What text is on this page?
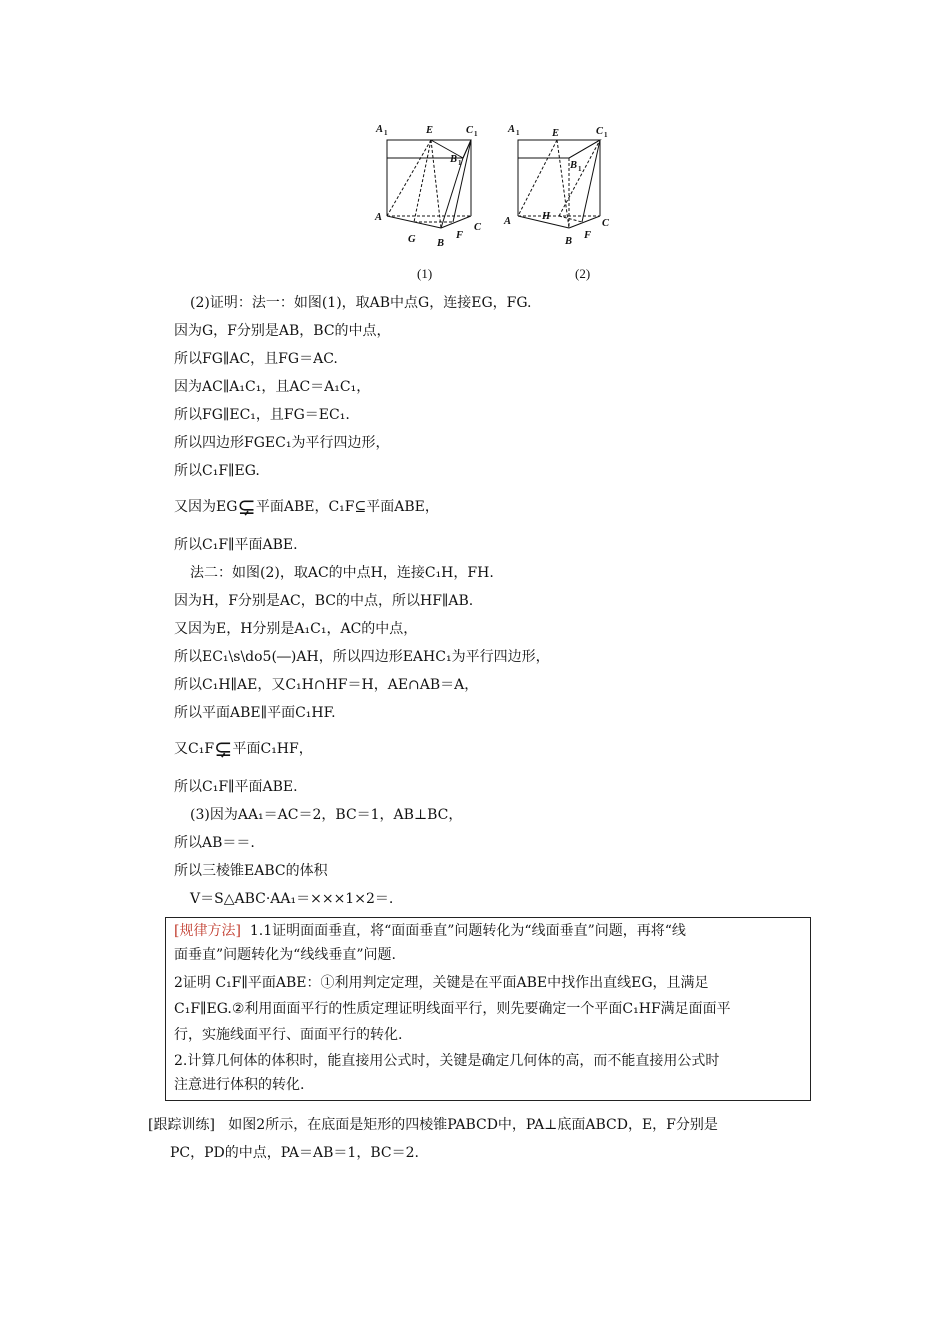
A 1	E	C 1
B 1
A
C
G	F
B
A 1	E	C 1
B 1
A	H
C
F
B
(1)	(2)
(2)证明：法一：如图(1)，取AB中点G，连接EG，FG.
因为G，F分别是AB，BC的中点，
所以FG∥AC，且FG＝AC.
因为AC∥A₁C₁，且AC＝A₁C₁，
所以FG∥EC₁，且FG＝EC₁.
所以四边形FGEC₁为平行四边形，
所以C₁F∥EG.
又因为EG⊊平面ABE，C₁F⊆平面ABE，
所以C₁F∥平面ABE.
法二：如图(2)，取AC的中点H，连接C₁H，FH.
因为H，F分别是AC，BC的中点，所以HF∥AB.
又因为E，H分别是A₁C₁，AC的中点，
所以EC₁\s\do5(―)AH，所以四边形EAHC₁为平行四边形，
所以C₁H∥AE，又C₁H∩HF＝H，AE∩AB＝A，
所以平面ABE∥平面C₁HF.
又C₁F⊊平面C₁HF，
所以C₁F∥平面ABE.
(3)因为AA₁＝AC＝2，BC＝1，AB⊥BC，
所以AB＝＝.
所以三棱锥EABC的体积
V＝S△ABC·AA₁＝×××1×2＝.
[规律方法] 1.1证明面面垂直，将“面面垂直”问题转化为“线面垂直”问题，再将“线
面垂直”问题转化为“线线垂直”问题.
2证明 C₁F∥平面ABE：①利用判定定理，关键是在平面ABE中找作出直线EG，且满足
C₁F∥EG.②利用面面平行的性质定理证明线面平行，则先要确定一个平面C₁HF满足面面平
行，实施线面平行、面面平行的转化.
2.计算几何体的体积时，能直接用公式时，关键是确定几何体的高，而不能直接用公式时
注意进行体积的转化.
[跟踪训练] 如图2所示，在底面是矩形的四棱锥PABCD中，PA⊥底面ABCD，E，F分别是
PC，PD的中点，PA＝AB＝1，BC＝2.
